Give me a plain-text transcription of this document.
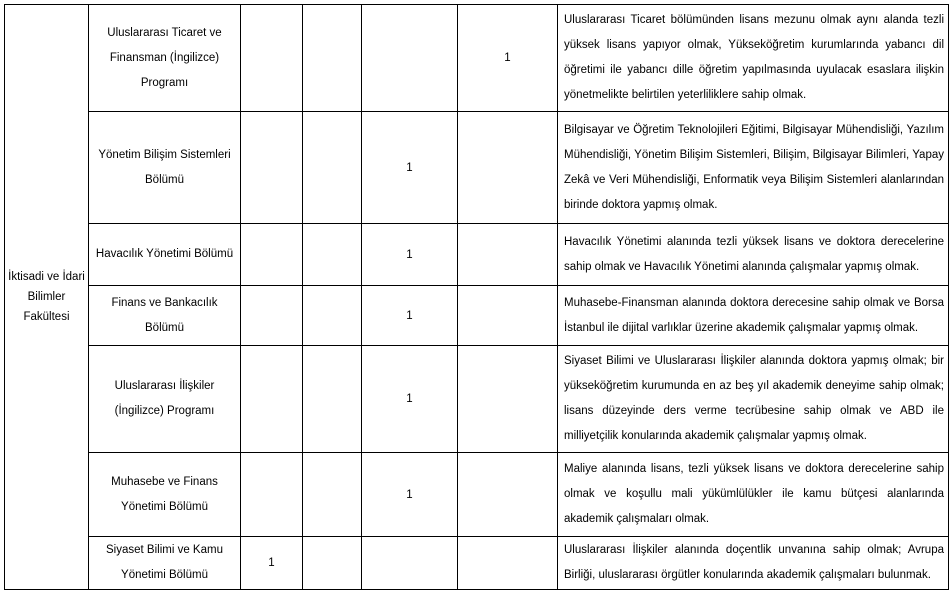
İktisadi ve İdari Bilimler Fakültesi	Uluslararası Ticaret ve Finansman (İngilizce) Programı				1	Uluslararası Ticaret bölümünden lisans mezunu olmak aynı alanda tezli yüksek lisans yapıyor olmak, Yükseköğretim kurumlarında yabancı dil öğretimi ile yabancı dille öğretim yapılmasında uyulacak esaslara ilişkin yönetmelikte belirtilen yeterliliklere sahip olmak.
	Yönetim Bilişim Sistemleri Bölümü			1		Bilgisayar ve Öğretim Teknolojileri Eğitimi, Bilgisayar Mühendisliği, Yazılım Mühendisliği, Yönetim Bilişim Sistemleri, Bilişim, Bilgisayar Bilimleri, Yapay Zekâ ve Veri Mühendisliği, Enformatik veya Bilişim Sistemleri alanlarından birinde doktora yapmış olmak.
	Havacılık Yönetimi Bölümü			1		Havacılık Yönetimi alanında tezli yüksek lisans ve doktora derecelerine sahip olmak ve Havacılık Yönetimi alanında çalışmalar yapmış olmak.
	Finans ve Bankacılık Bölümü			1		Muhasebe-Finansman alanında doktora derecesine sahip olmak ve Borsa İstanbul ile dijital varlıklar üzerine akademik çalışmalar yapmış olmak.
	Uluslararası İlişkiler (İngilizce) Programı			1		Siyaset Bilimi ve Uluslararası İlişkiler alanında doktora yapmış olmak; bir yükseköğretim kurumunda en az beş yıl akademik deneyime sahip olmak; lisans düzeyinde ders verme tecrübesine sahip olmak ve ABD ile milliyetçilik konularında akademik çalışmalar yapmış olmak.
	Muhasebe ve Finans Yönetimi Bölümü			1		Maliye alanında lisans, tezli yüksek lisans ve doktora derecelerine sahip olmak ve koşullu mali yükümlülükler ile kamu bütçesi alanlarında akademik çalışmaları olmak.
	Siyaset Bilimi ve Kamu Yönetimi Bölümü	1				Uluslararası İlişkiler alanında doçentlik unvanına sahip olmak; Avrupa Birliği, uluslararası örgütler konularında akademik çalışmaları bulunmak.
